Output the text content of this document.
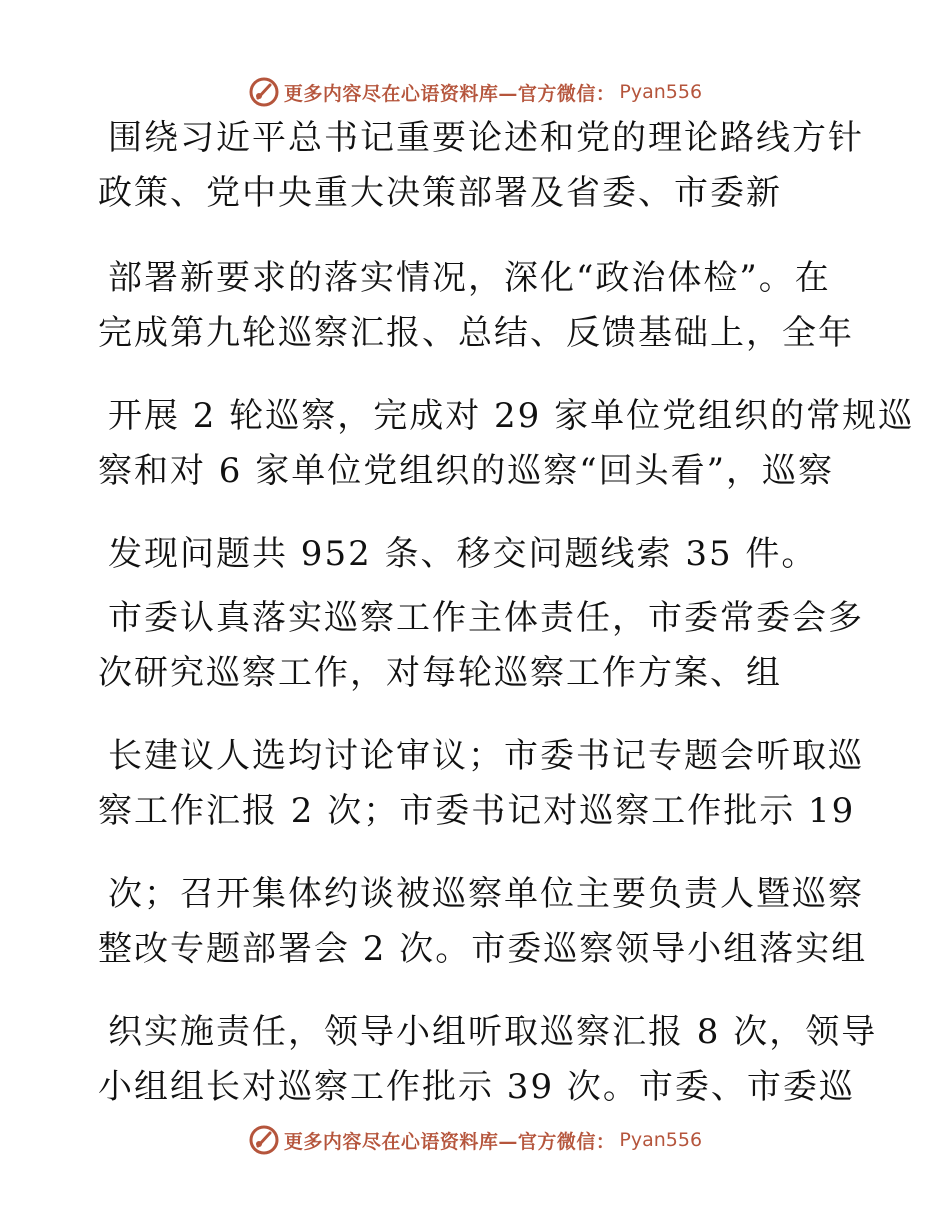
更多内容尽在心语资料库—官方微信： Pyan556
围绕习近平总书记重要论述和党的理论路线方针
政策、党中央重大决策部署及省委、市委新
部署新要求的落实情况，深化“政治体检”。在
完成第九轮巡察汇报、总结、反馈基础上，全年
开展 2 轮巡察，完成对 29 家单位党组织的常规巡
察和对 6 家单位党组织的巡察“回头看”，巡察
发现问题共 952 条、移交问题线索 35 件。
市委认真落实巡察工作主体责任，市委常委会多
次研究巡察工作，对每轮巡察工作方案、组
长建议人选均讨论审议；市委书记专题会听取巡
察工作汇报 2 次；市委书记对巡察工作批示 19
次；召开集体约谈被巡察单位主要负责人暨巡察
整改专题部署会 2 次。市委巡察领导小组落实组
织实施责任，领导小组听取巡察汇报 8 次，领导
小组组长对巡察工作批示 39 次。市委、市委巡
更多内容尽在心语资料库—官方微信： Pyan556
